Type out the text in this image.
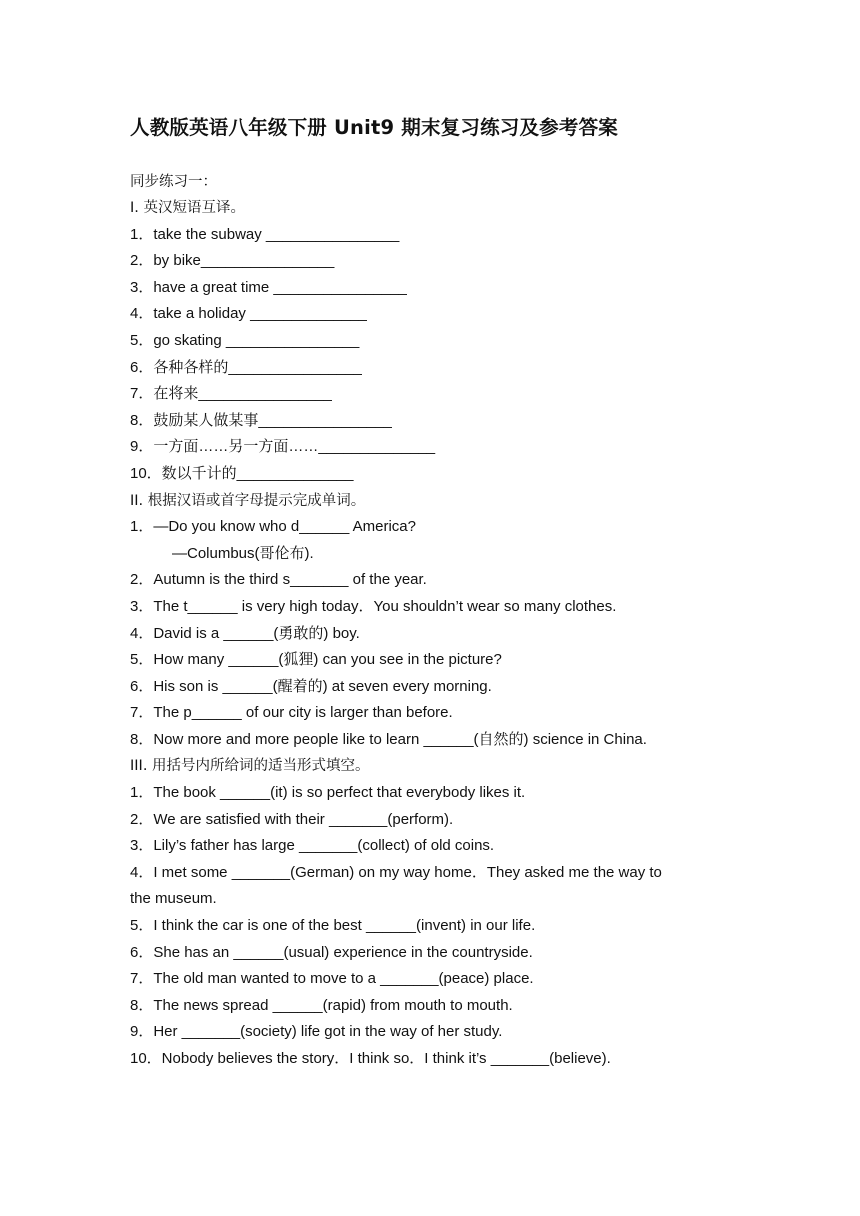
人教版英语八年级下册 Unit9 期末复习练习及参考答案
同步练习一：
I. 英汉短语互译。
1．take the subway ________________
2．by bike________________
3．have a great time ________________
4．take a holiday ______________
5．go skating ________________
6．各种各样的________________
7．在将来________________
8．鼓励某人做某事________________
9．一方面……另一方面……______________
10．数以千计的______________
II. 根据汉语或首字母提示完成单词。
1．—Do you know who d______ America?
—Columbus(哥伦布).
2．Autumn is the third s_______ of the year.
3．The t______ is very high today．You shouldn’t wear so many clothes.
4．David is a ______(勇敢的) boy.
5．How many ______(狐狸) can you see in the picture?
6．His son is ______(醒着的) at seven every morning.
7．The p______ of our city is larger than before.
8．Now more and more people like to learn ______(自然的) science in China.
III. 用括号内所给词的适当形式填空。
1．The book ______(it) is so perfect that everybody likes it.
2．We are satisfied with their _______(perform).
3．Lily’s father has large _______(collect) of old coins.
4．I met some _______(German) on my way home．They asked me the way to
the museum.
5．I think the car is one of the best ______(invent) in our life.
6．She has an ______(usual) experience in the countryside.
7．The old man wanted to move to a _______(peace) place.
8．The news spread ______(rapid) from mouth to mouth.
9．Her _______(society) life got in the way of her study.
10．Nobody believes the story．I think so．I think it’s _______(believe).
